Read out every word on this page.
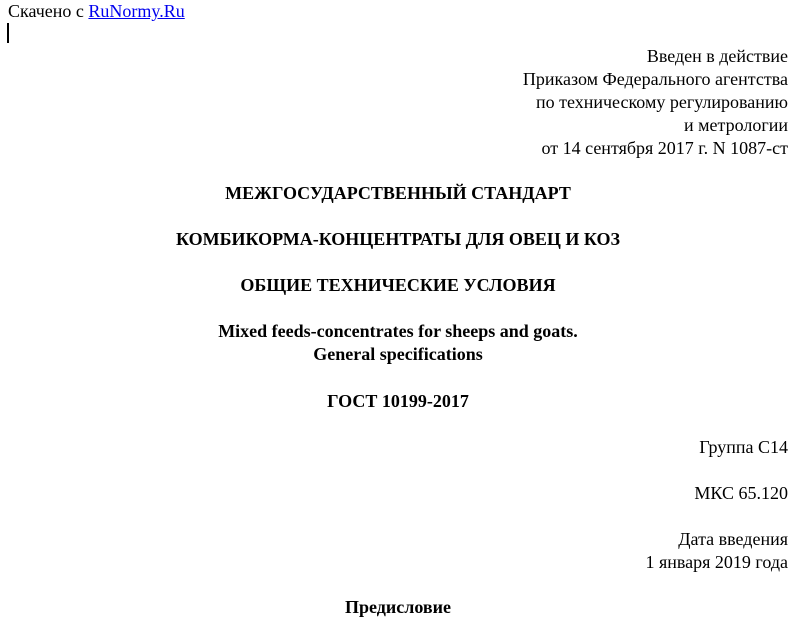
Скачено с RuNormy.Ru
Введен в действие
Приказом Федерального агентства
по техническому регулированию
и метрологии
от 14 сентября 2017 г. N 1087-ст
МЕЖГОСУДАРСТВЕННЫЙ СТАНДАРТ
КОМБИКОРМА-КОНЦЕНТРАТЫ ДЛЯ ОВЕЦ И КОЗ
ОБЩИЕ ТЕХНИЧЕСКИЕ УСЛОВИЯ
Mixed feeds-concentrates for sheeps and goats.
General specifications
ГОСТ 10199-2017
Группа С14
МКС 65.120
Дата введения
1 января 2019 года
Предисловие
